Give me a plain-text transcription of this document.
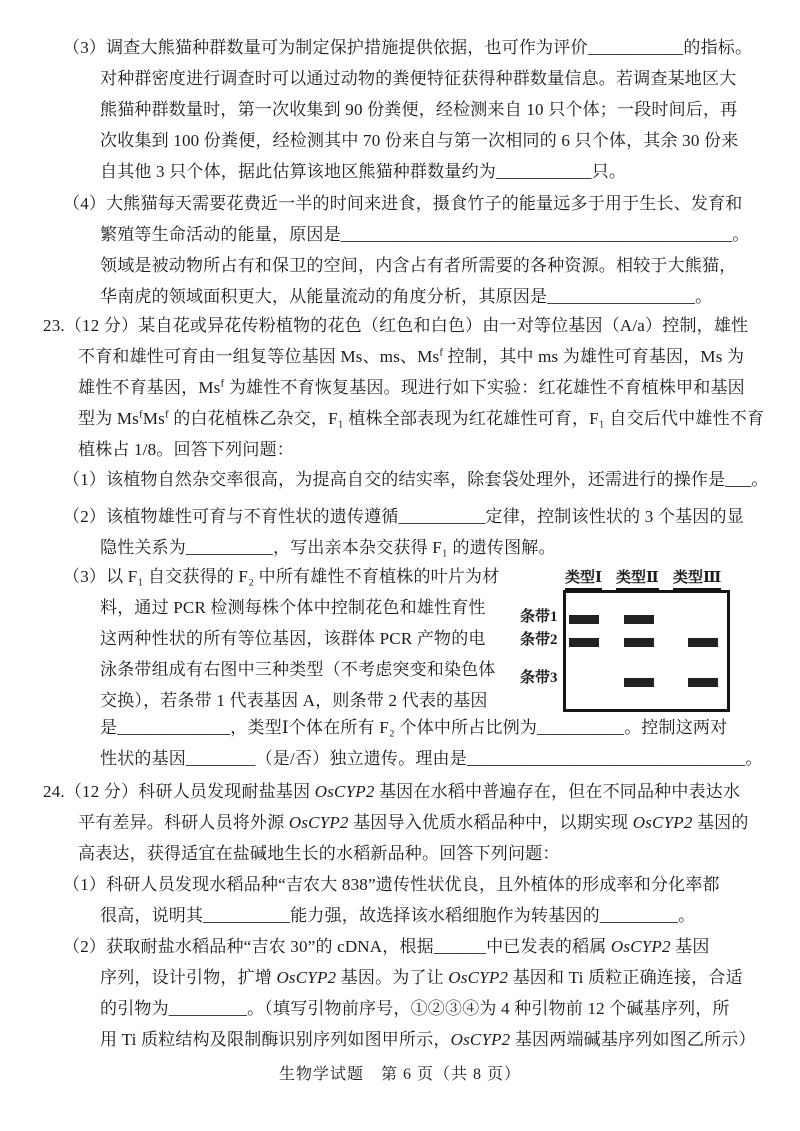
（3）调查大熊猫种群数量可为制定保护措施提供依据，也可作为评价___________的指标。
对种群密度进行调查时可以通过动物的粪便特征获得种群数量信息。若调查某地区大
熊猫种群数量时，第一次收集到 90 份粪便，经检测来自 10 只个体；一段时间后，再
次收集到 100 份粪便，经检测其中 70 份来自与第一次相同的 6 只个体，其余 30 份来
自其他 3 只个体，据此估算该地区熊猫种群数量约为___________只。
（4）大熊猫每天需要花费近一半的时间来进食，摄食竹子的能量远多于用于生长、发育和
繁殖等生命活动的能量，原因是_____________________________________________。
领域是被动物所占有和保卫的空间，内含占有者所需要的各种资源。相较于大熊猫，
华南虎的领域面积更大，从能量流动的角度分析，其原因是_________________。
23.（12 分）某自花或异花传粉植物的花色（红色和白色）由一对等位基因（A/a）控制，雄性
不育和雄性可育由一组复等位基因 Ms、ms、Ms$^f$ 控制，其中 ms 为雄性可育基因，Ms 为
雄性不育基因，Ms$^f$ 为雄性不育恢复基因。现进行如下实验：红花雄性不育植株甲和基因
型为 Ms$^f$Ms$^f$ 的白花植株乙杂交，F₁ 植株全部表现为红花雄性可育，F₁ 自交后代中雄性不育
植株占 1/8。回答下列问题：
（1）该植物自然杂交率很高，为提高自交的结实率，除套袋处理外，还需进行的操作是___。
（2）该植物雄性可育与不育性状的遗传遵循__________定律，控制该性状的 3 个基因的显
隐性关系为__________，写出亲本杂交获得 F₁ 的遗传图解。
（3）以 F₁ 自交获得的 F₂ 中所有雄性不育植株的叶片为材
料，通过 PCR 检测每株个体中控制花色和雄性育性
这两种性状的所有等位基因，该群体 PCR 产物的电
泳条带组成有右图中三种类型（不考虑突变和染色体
交换），若条带 1 代表基因 A，则条带 2 代表的基因
是_____________，类型Ⅰ个体在所有 F₂ 个体中所占比例为__________。控制这两对
性状的基因________（是/否）独立遗传。理由是________________________________。
类型Ⅰ 类型Ⅱ 类型Ⅲ
条带1
条带2
条带3
24.（12 分）科研人员发现耐盐基因 OsCYP2 基因在水稻中普遍存在，但在不同品种中表达水
平有差异。科研人员将外源 OsCYP2 基因导入优质水稻品种中，以期实现 OsCYP2 基因的
高表达，获得适宜在盐碱地生长的水稻新品种。回答下列问题：
（1）科研人员发现水稻品种“吉农大 838”遗传性状优良，且外植体的形成率和分化率都
很高，说明其__________能力强，故选择该水稻细胞作为转基因的_________。
（2）获取耐盐水稻品种“吉农 30”的 cDNA，根据______中已发表的稻属 OsCYP2 基因
序列，设计引物，扩增 OsCYP2 基因。为了让 OsCYP2 基因和 Ti 质粒正确连接，合适
的引物为_________。（填写引物前序号，①②③④为 4 种引物前 12 个碱基序列，所
用 Ti 质粒结构及限制酶识别序列如图甲所示，OsCYP2 基因两端碱基序列如图乙所示）
生物学试题　第 6 页（共 8 页）
